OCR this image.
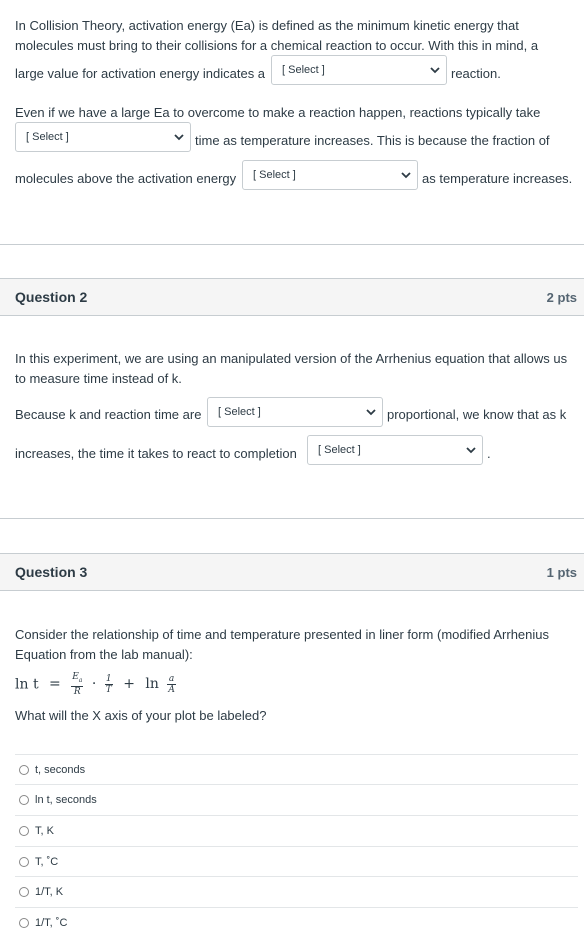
In Collision Theory, activation energy (Ea) is defined as the minimum kinetic energy that
molecules must bring to their collisions for a chemical reaction to occur. With this in mind, a

large value for activation energy indicates a [ Select ]	reaction.
Even if we have a large Ea to overcome to make a reaction happen, reactions typically take
[ Select ]	time as temperature increases. This is because the fraction of
molecules above the activation energy [ Select ]	as temperature increases.
Question 2	2 pts

In this experiment, we are using an manipulated version of the Arrhenius equation that allows us to measure time instead of k.

Because k and reaction time are [ Select ]	proportional, we know that as k
increases, the time it takes to react to completion [ Select ]	.
Question 3	1 pts

Consider the relationship of time and temperature presented in liner form (modified Arrhenius Equation from the lab manual):

$\ln t = \frac{E_a}{R} \cdot \frac{1}{T} + \ln \frac{a}{A}$
What will the X axis of your plot be labeled?
t, seconds
ln t, seconds
T, K
T, ˚C
1/T, K
1/T, ˚C
